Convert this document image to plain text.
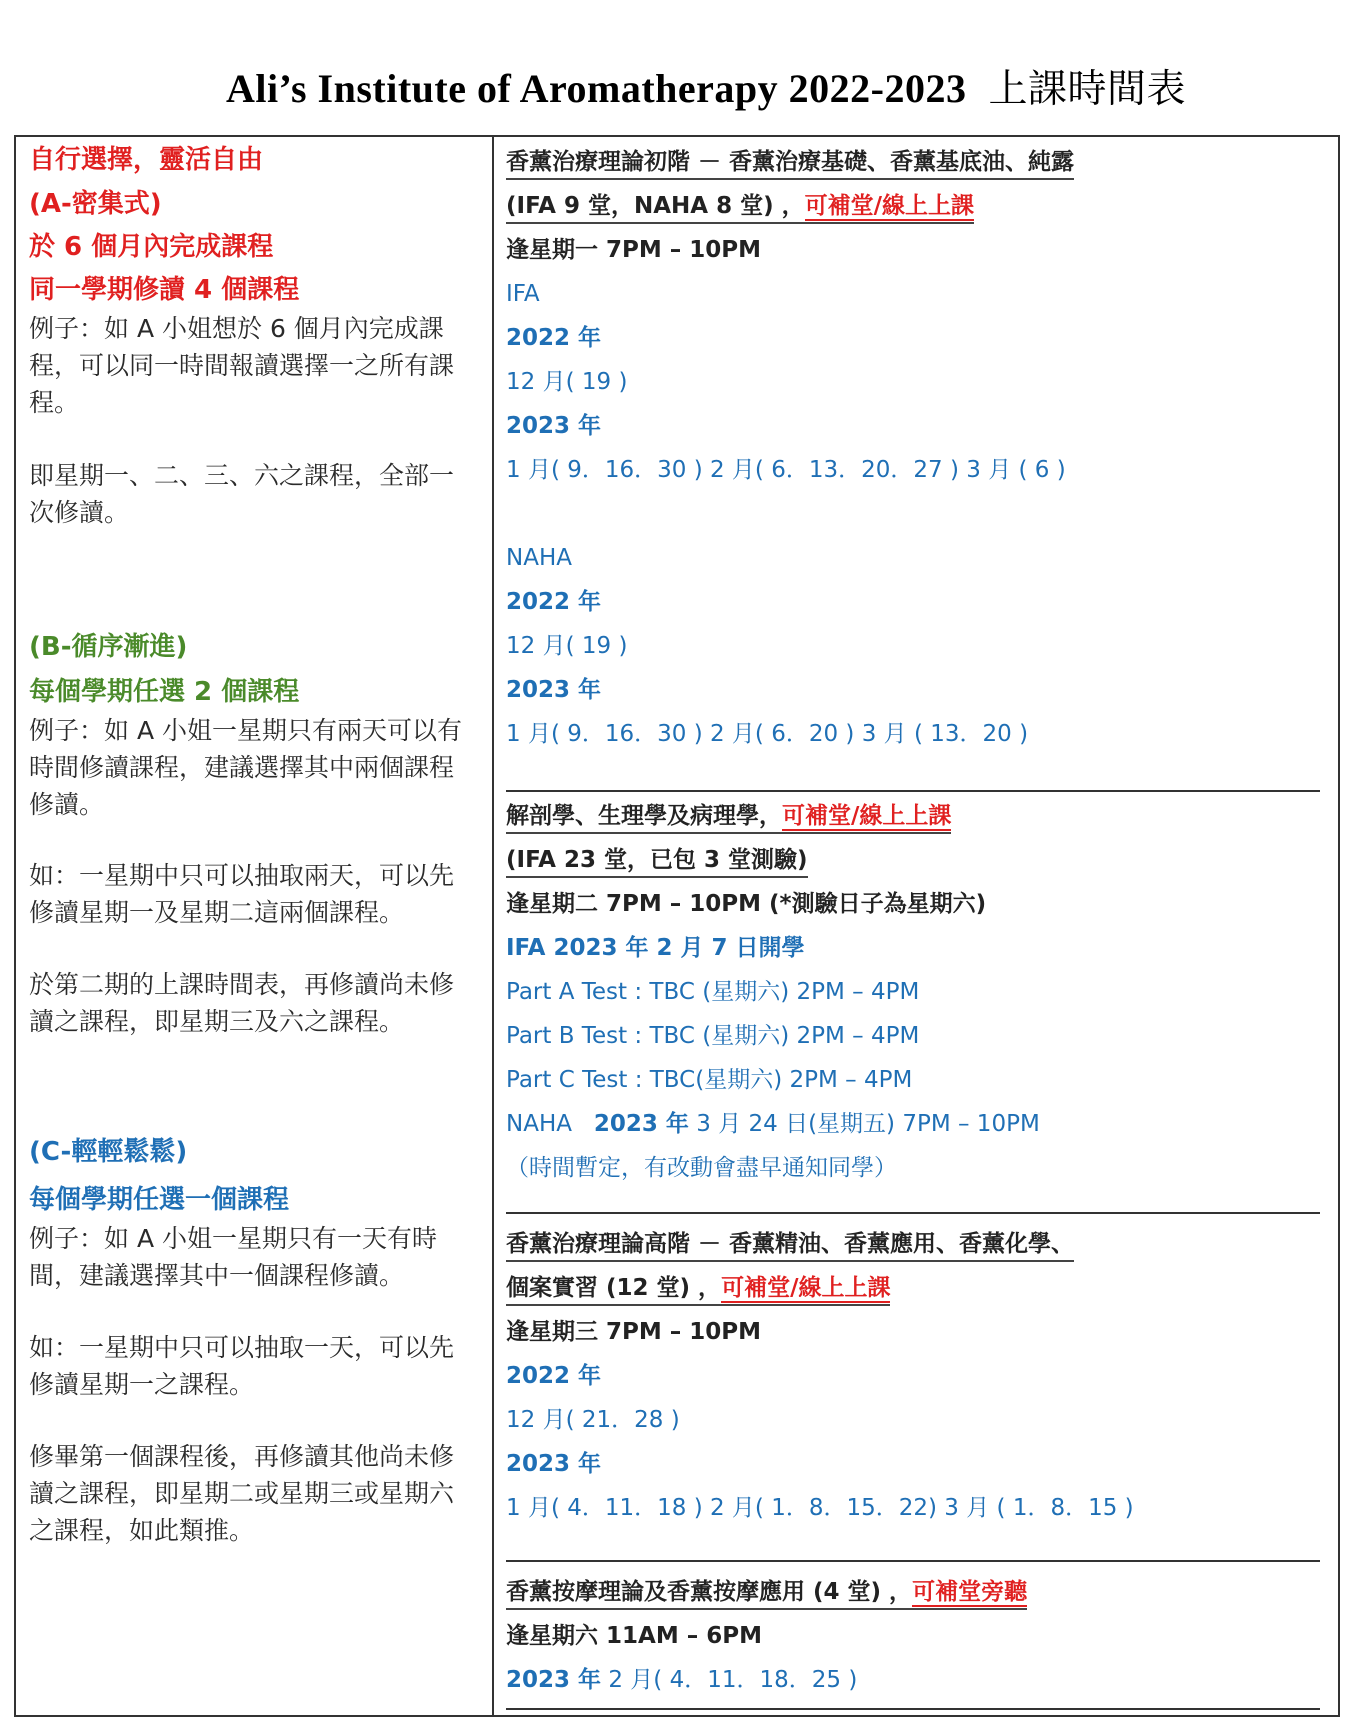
Ali’s Institute of Aromatherapy 2022-2023 上課時間表
自行選擇，靈活自由
(A-密集式)
於 6 個月內完成課程
同一學期修讀 4 個課程
例子：如 A 小姐想於 6 個月內完成課
程，可以同一時間報讀選擇一之所有課
程。
即星期一、二、三、六之課程，全部一
次修讀。
(B-循序漸進)
每個學期任選 2 個課程
例子：如 A 小姐一星期只有兩天可以有
時間修讀課程，建議選擇其中兩個課程
修讀。
如：一星期中只可以抽取兩天，可以先
修讀星期一及星期二這兩個課程。
於第二期的上課時間表，再修讀尚未修
讀之課程，即星期三及六之課程。
(C-輕輕鬆鬆)
每個學期任選一個課程
例子：如 A 小姐一星期只有一天有時
間，建議選擇其中一個課程修讀。
如：一星期中只可以抽取一天，可以先
修讀星期一之課程。
修畢第一個課程後，再修讀其他尚未修
讀之課程，即星期二或星期三或星期六
之課程，如此類推。
香薰治療理論初階 － 香薰治療基礎、香薰基底油、純露
(IFA 9 堂，NAHA 8 堂) ，可補堂/線上上課
逢星期一 7PM – 10PM
IFA
2022 年
12 月( 19 )
2023 年
1 月( 9．16．30 ) 2 月( 6．13．20．27 ) 3 月 ( 6 )
NAHA
2022 年
12 月( 19 )
2023 年
1 月( 9．16．30 ) 2 月( 6．20 ) 3 月 ( 13．20 )
解剖學、生理學及病理學，可補堂/線上上課
(IFA 23 堂，已包 3 堂測驗)
逢星期二 7PM – 10PM (*測驗日子為星期六)
IFA 2023 年 2 月 7 日開學
Part A Test : TBC (星期六) 2PM – 4PM
Part B Test : TBC (星期六) 2PM – 4PM
Part C Test : TBC(星期六) 2PM – 4PM
NAHA 2023 年 3 月 24 日(星期五) 7PM – 10PM
（時間暫定，有改動會盡早通知同學）
香薰治療理論高階 － 香薰精油、香薰應用、香薰化學、
個案實習 (12 堂) ，可補堂/線上上課
逢星期三 7PM – 10PM
2022 年
12 月( 21．28 )
2023 年
1 月( 4．11．18 ) 2 月( 1．8．15．22) 3 月 ( 1．8．15 )
香薰按摩理論及香薰按摩應用 (4 堂) ，可補堂旁聽
逢星期六 11AM – 6PM
2023 年 2 月( 4．11．18．25 )
